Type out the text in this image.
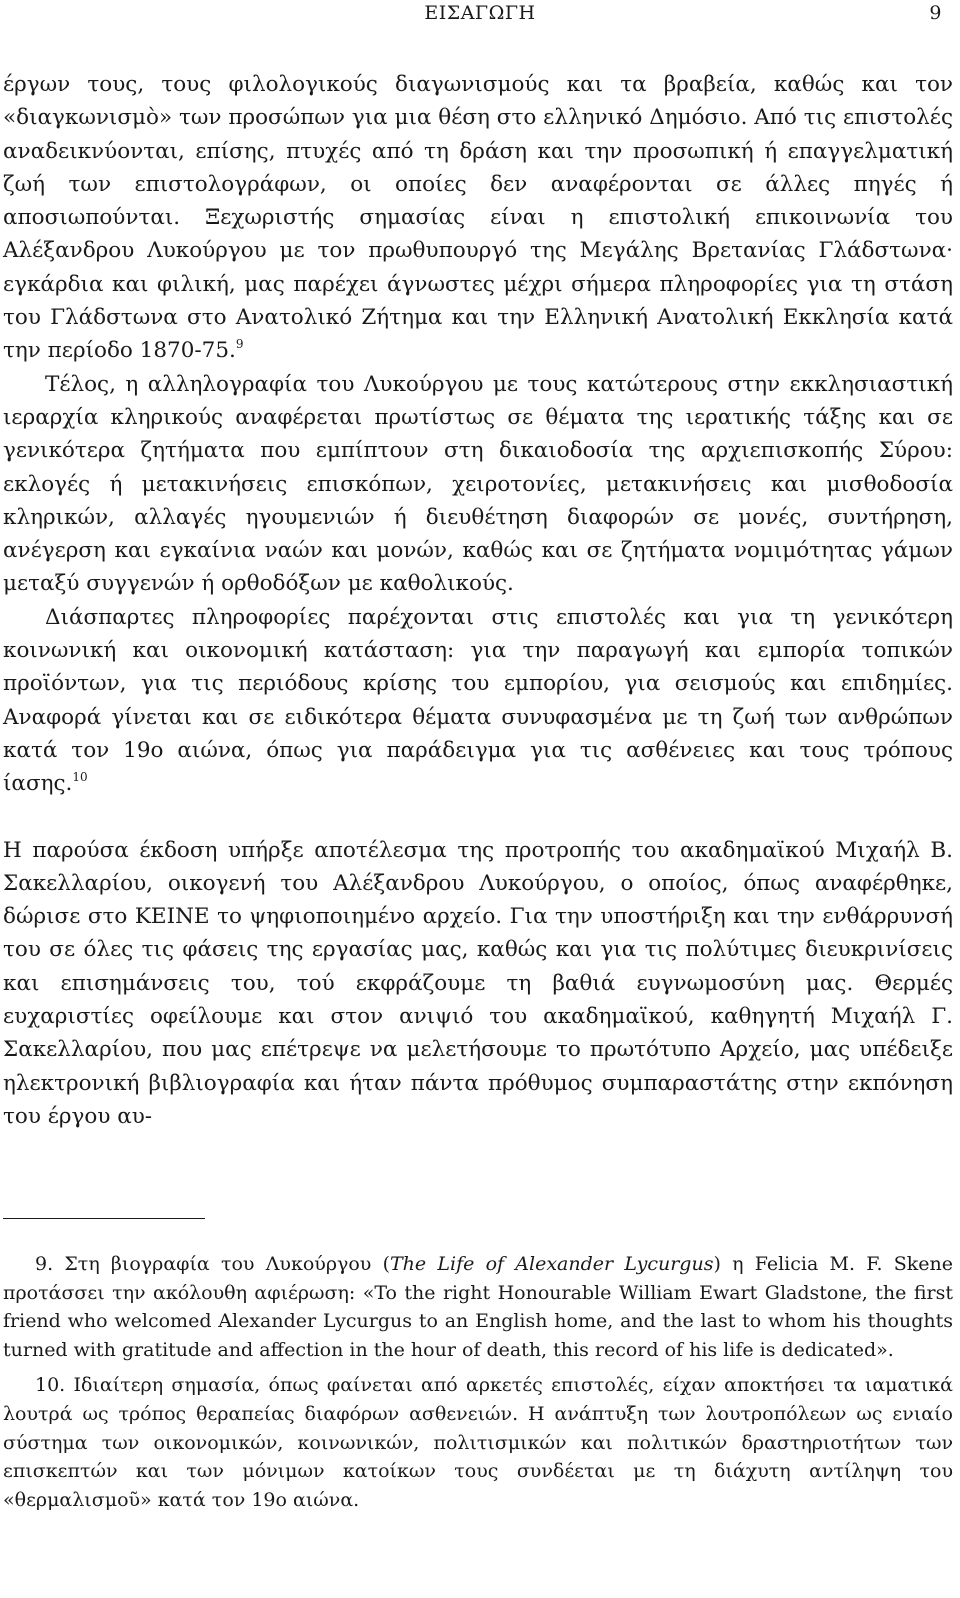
ΕΙΣΑΓΩΓΗ	9

έργων τους, τους φιλολογικούς διαγωνισμούς και τα βραβεία, καθώς και τον «διαγκωνισμὸ» των προσώπων για μια θέση στο ελληνικό Δημόσιο. Από τις επιστολές αναδεικνύονται, επίσης, πτυχές από τη δράση και την προσωπική ή επαγγελματική ζωή των επιστολογράφων, οι οποίες δεν αναφέρονται σε άλλες πηγές ή αποσιωπούνται. Ξεχωριστής σημασίας είναι η επιστολική επικοινωνία του Αλέξανδρου Λυκούργου με τον πρωθυπουργό της Μεγάλης Βρετανίας Γλάδστωνα· εγκάρδια και φιλική, μας παρέχει άγνωστες μέχρι σήμερα πληροφορίες για τη στάση του Γλάδστωνα στο Ανατολικό Ζήτημα και την Ελληνική Ανατολική Εκκλησία κατά την περίοδο 1870-75.$^9$

Τέλος, η αλληλογραφία του Λυκούργου με τους κατώτερους στην εκκλησιαστική ιεραρχία κληρικούς αναφέρεται πρωτίστως σε θέματα της ιερατικής τάξης και σε γενικότερα ζητήματα που εμπίπτουν στη δικαιοδοσία της αρχιεπισκοπής Σύρου: εκλογές ή μετακινήσεις επισκόπων, χειροτονίες, μετακινήσεις και μισθοδοσία κληρικών, αλλαγές ηγουμενιών ή διευθέτηση διαφορών σε μονές, συντήρηση, ανέγερση και εγκαίνια ναών και μονών, καθώς και σε ζητήματα νομιμότητας γάμων μεταξύ συγγενών ή ορθοδόξων με καθολικούς.

Διάσπαρτες πληροφορίες παρέχονται στις επιστολές και για τη γενικότερη κοινωνική και οικονομική κατάσταση: για την παραγωγή και εμπορία τοπικών προϊόντων, για τις περιόδους κρίσης του εμπορίου, για σεισμούς και επιδημίες. Αναφορά γίνεται και σε ειδικότερα θέματα συνυφασμένα με τη ζωή των ανθρώπων κατά τον 19ο αιώνα, όπως για παράδειγμα για τις ασθένειες και τους τρόπους ίασης.$^{10}$

Η παρούσα έκδοση υπήρξε αποτέλεσμα της προτροπής του ακαδημαϊκού Μιχαήλ Β. Σακελλαρίου, οικογενή του Αλέξανδρου Λυκούργου, ο οποίος, όπως αναφέρθηκε, δώρισε στο ΚΕΙΝΕ το ψηφιοποιημένο αρχείο. Για την υποστήριξη και την ενθάρρυνσή του σε όλες τις φάσεις της εργασίας μας, καθώς και για τις πολύτιμες διευκρινίσεις και επισημάνσεις του, τού εκφράζουμε τη βαθιά ευγνωμοσύνη μας. Θερμές ευχαριστίες οφείλουμε και στον ανιψιό του ακαδημαϊκού, καθηγητή Μιχαήλ Γ. Σακελλαρίου, που μας επέτρεψε να μελετήσουμε το πρωτότυπο Αρχείο, μας υπέδειξε ηλεκτρονική βιβλιογραφία και ήταν πάντα πρόθυμος συμπαραστάτης στην εκπόνηση του έργου αυ-

9. Στη βιογραφία του Λυκούργου (The Life of Alexander Lycurgus) η Felicia M. F. Skene προτάσσει την ακόλουθη αφιέρωση: «To the right Honourable William Ewart Gladstone, the first friend who welcomed Alexander Lycurgus to an English home, and the last to whom his thoughts turned with gratitude and affection in the hour of death, this record of his life is dedicated».

10. Ιδιαίτερη σημασία, όπως φαίνεται από αρκετές επιστολές, είχαν αποκτήσει τα ιαματικά λουτρά ως τρόπος θεραπείας διαφόρων ασθενειών. Η ανάπτυξη των λουτροπόλεων ως ενιαίο σύστημα των οικονομικών, κοινωνικών, πολιτισμικών και πολιτικών δραστηριοτήτων των επισκεπτών και των μόνιμων κατοίκων τους συνδέεται με τη διάχυτη αντίληψη του «θερμαλισμοῦ» κατά τον 19ο αιώνα.
